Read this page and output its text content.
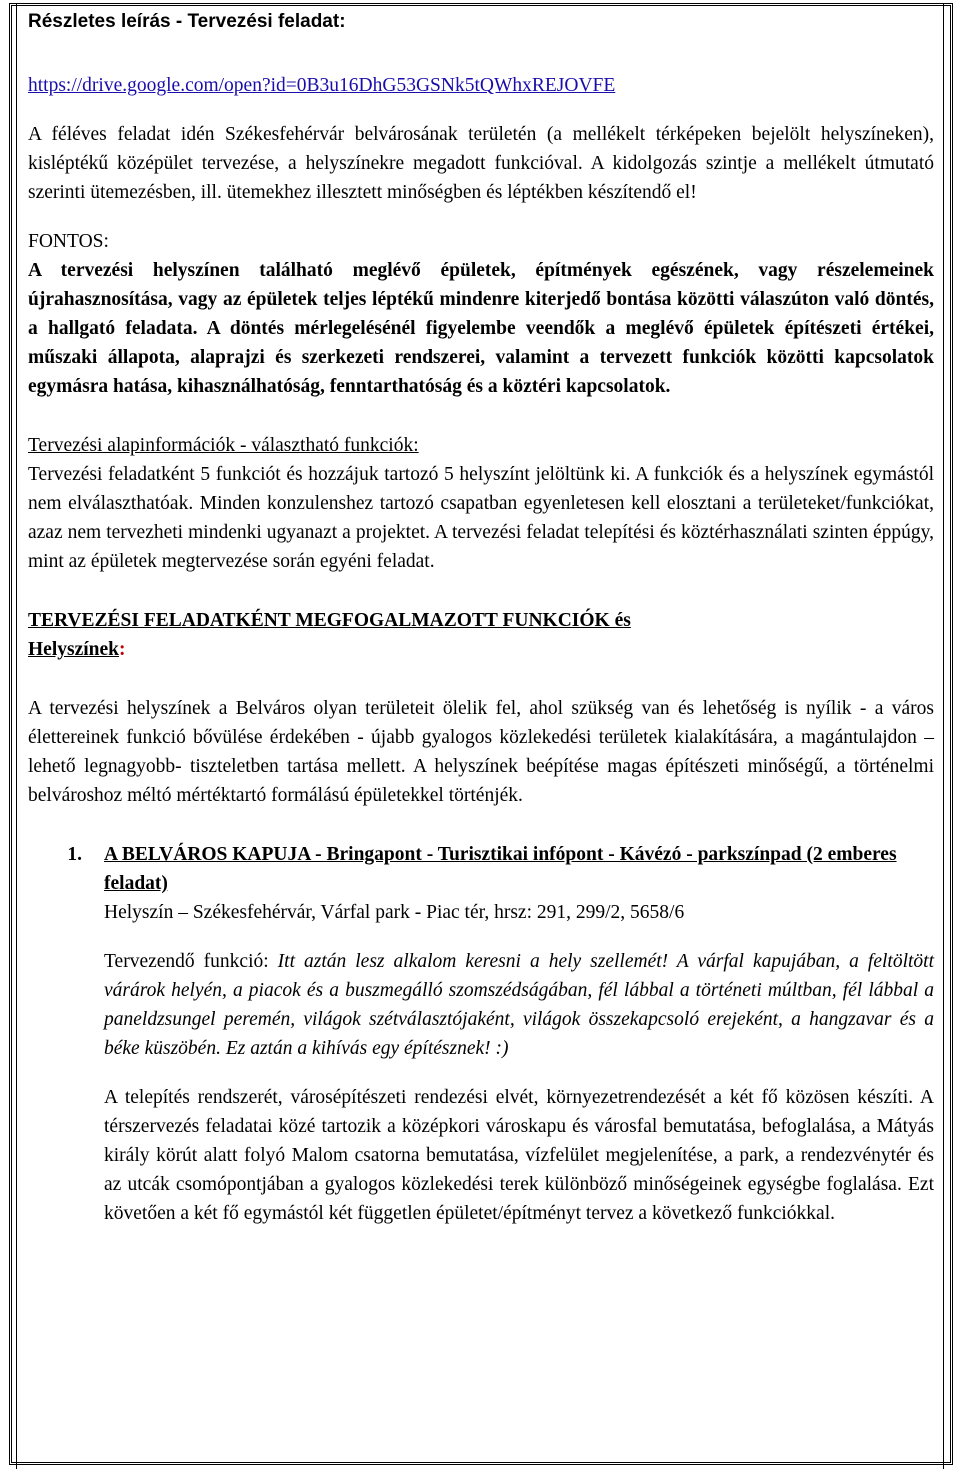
Részletes leírás - Tervezési feladat:
https://drive.google.com/open?id=0B3u16DhG53GSNk5tQWhxREJOVFE

A féléves feladat idén Székesfehérvár belvárosának területén (a mellékelt térképeken bejelölt helyszíneken), kisléptékű középület tervezése, a helyszínekre megadott funkcióval. A kidolgozás szintje a mellékelt útmutató szerinti ütemezésben, ill. ütemekhez illesztett minőségben és léptékben készítendő el!

FONTOS:

A tervezési helyszínen található meglévő épületek, építmények egészének, vagy részelemeinek újrahasznosítása, vagy az épületek teljes léptékű mindenre kiterjedő bontása közötti válaszúton való döntés, a hallgató feladata. A döntés mérlegelésénél figyelembe veendők a meglévő épületek építészeti értékei, műszaki állapota, alaprajzi és szerkezeti rendszerei, valamint a tervezett funkciók közötti kapcsolatok egymásra hatása, kihasználhatóság, fenntarthatóság és a köztéri kapcsolatok.

Tervezési alapinformációk - választható funkciók:

Tervezési feladatként 5 funkciót és hozzájuk tartozó 5 helyszínt jelöltünk ki. A funkciók és a helyszínek egymástól nem elválaszthatóak. Minden konzulenshez tartozó csapatban egyenletesen kell elosztani a területeket/funkciókat, azaz nem tervezheti mindenki ugyanazt a projektet. A tervezési feladat telepítési és köztérhasználati szinten éppúgy, mint az épületek megtervezése során egyéni feladat.

TERVEZÉSI FELADATKÉNT MEGFOGALMAZOTT FUNKCIÓK és
Helyszínek:

A tervezési helyszínek a Belváros olyan területeit ölelik fel, ahol szükség van és lehetőség is nyílik - a város élettereinek funkció bővülése érdekében - újabb gyalogos közlekedési területek kialakítására, a magántulajdon – lehető legnagyobb- tiszteletben tartása mellett. A helyszínek beépítése magas építészeti minőségű, a történelmi belvároshoz méltó mértéktartó formálású épületekkel történjék.

1.	A BELVÁROS KAPUJA - Bringapont - Turisztikai infópont - Kávézó - parkszínpad (2 emberes feladat)
Helyszín – Székesfehérvár, Várfal park - Piac tér, hrsz: 291, 299/2, 5658/6

Tervezendő funkció: Itt aztán lesz alkalom keresni a hely szellemét! A várfal kapujában, a feltöltött várárok helyén, a piacok és a buszmegálló szomszédságában, fél lábbal a történeti múltban, fél lábbal a paneldzsungel peremén, világok szétválasztójaként, világok összekapcsoló erejeként, a hangzavar és a béke küszöbén. Ez aztán a kihívás egy építésznek! :)

A telepítés rendszerét, városépítészeti rendezési elvét, környezetrendezését a két fő közösen készíti. A térszervezés feladatai közé tartozik a középkori városkapu és városfal bemutatása, befoglalása, a Mátyás király körút alatt folyó Malom csatorna bemutatása, vízfelület megjelenítése, a park, a rendezvénytér és az utcák csomópontjában a gyalogos közlekedési terek különböző minőségeinek egységbe foglalása. Ezt követően a két fő egymástól két független épületet/építményt tervez a következő funkciókkal.
